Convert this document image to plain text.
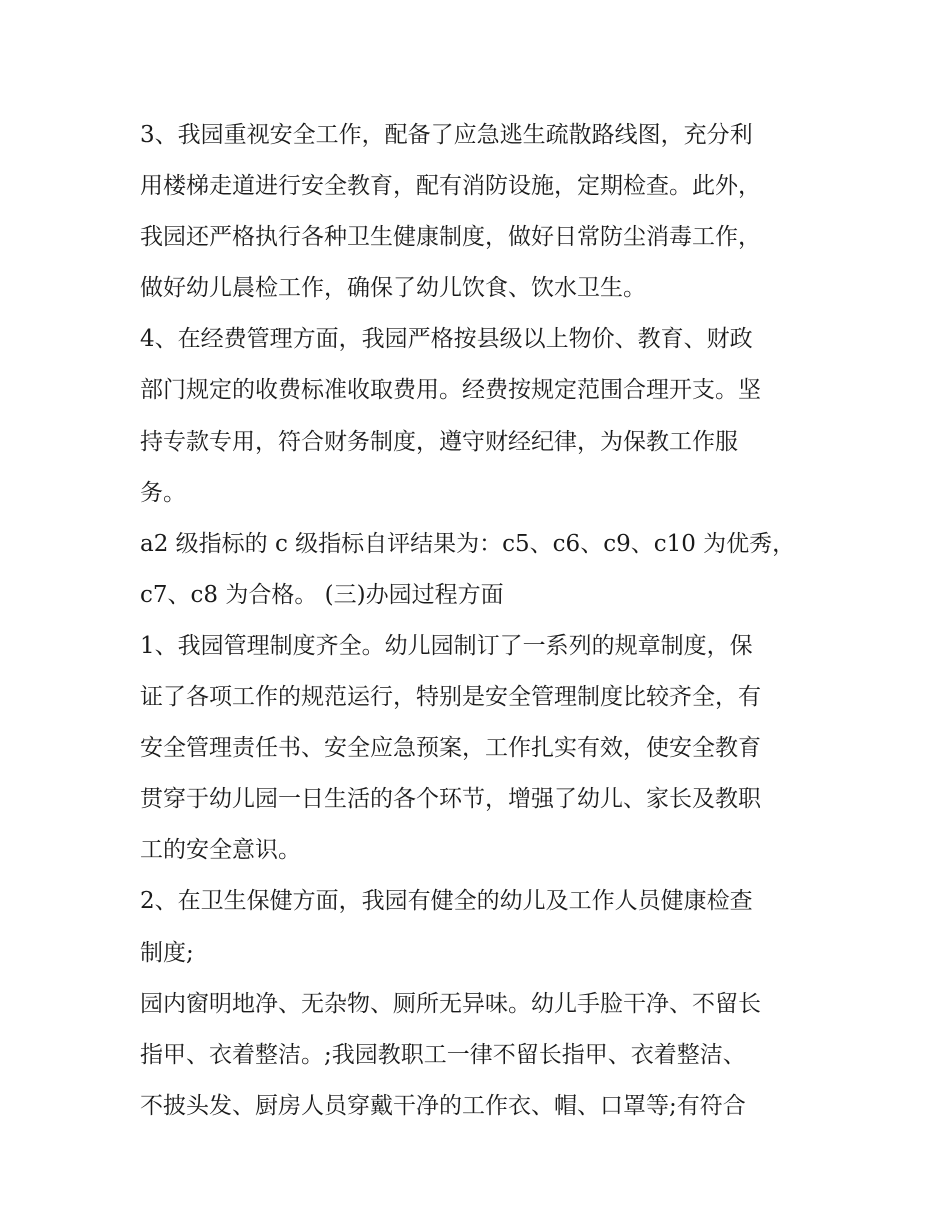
3、我园重视安全工作，配备了应急逃生疏散路线图，充分利
用楼梯走道进行安全教育，配有消防设施，定期检查。此外，
我园还严格执行各种卫生健康制度，做好日常防尘消毒工作，
做好幼儿晨检工作，确保了幼儿饮食、饮水卫生。
4、在经费管理方面，我园严格按县级以上物价、教育、财政
部门规定的收费标准收取费用。经费按规定范围合理开支。坚
持专款专用，符合财务制度，遵守财经纪律，为保教工作服
务。
a2 级指标的 c 级指标自评结果为：c5、c6、c9、c10 为优秀，
c7、c8 为合格。 (三)办园过程方面
1、我园管理制度齐全。幼儿园制订了一系列的规章制度，保
证了各项工作的规范运行，特别是安全管理制度比较齐全，有
安全管理责任书、安全应急预案，工作扎实有效，使安全教育
贯穿于幼儿园一日生活的各个环节，增强了幼儿、家长及教职
工的安全意识。
2、在卫生保健方面，我园有健全的幼儿及工作人员健康检查
制度;
园内窗明地净、无杂物、厕所无异味。幼儿手脸干净、不留长
指甲、衣着整洁。;我园教职工一律不留长指甲、衣着整洁、
不披头发、厨房人员穿戴干净的工作衣、帽、口罩等;有符合
